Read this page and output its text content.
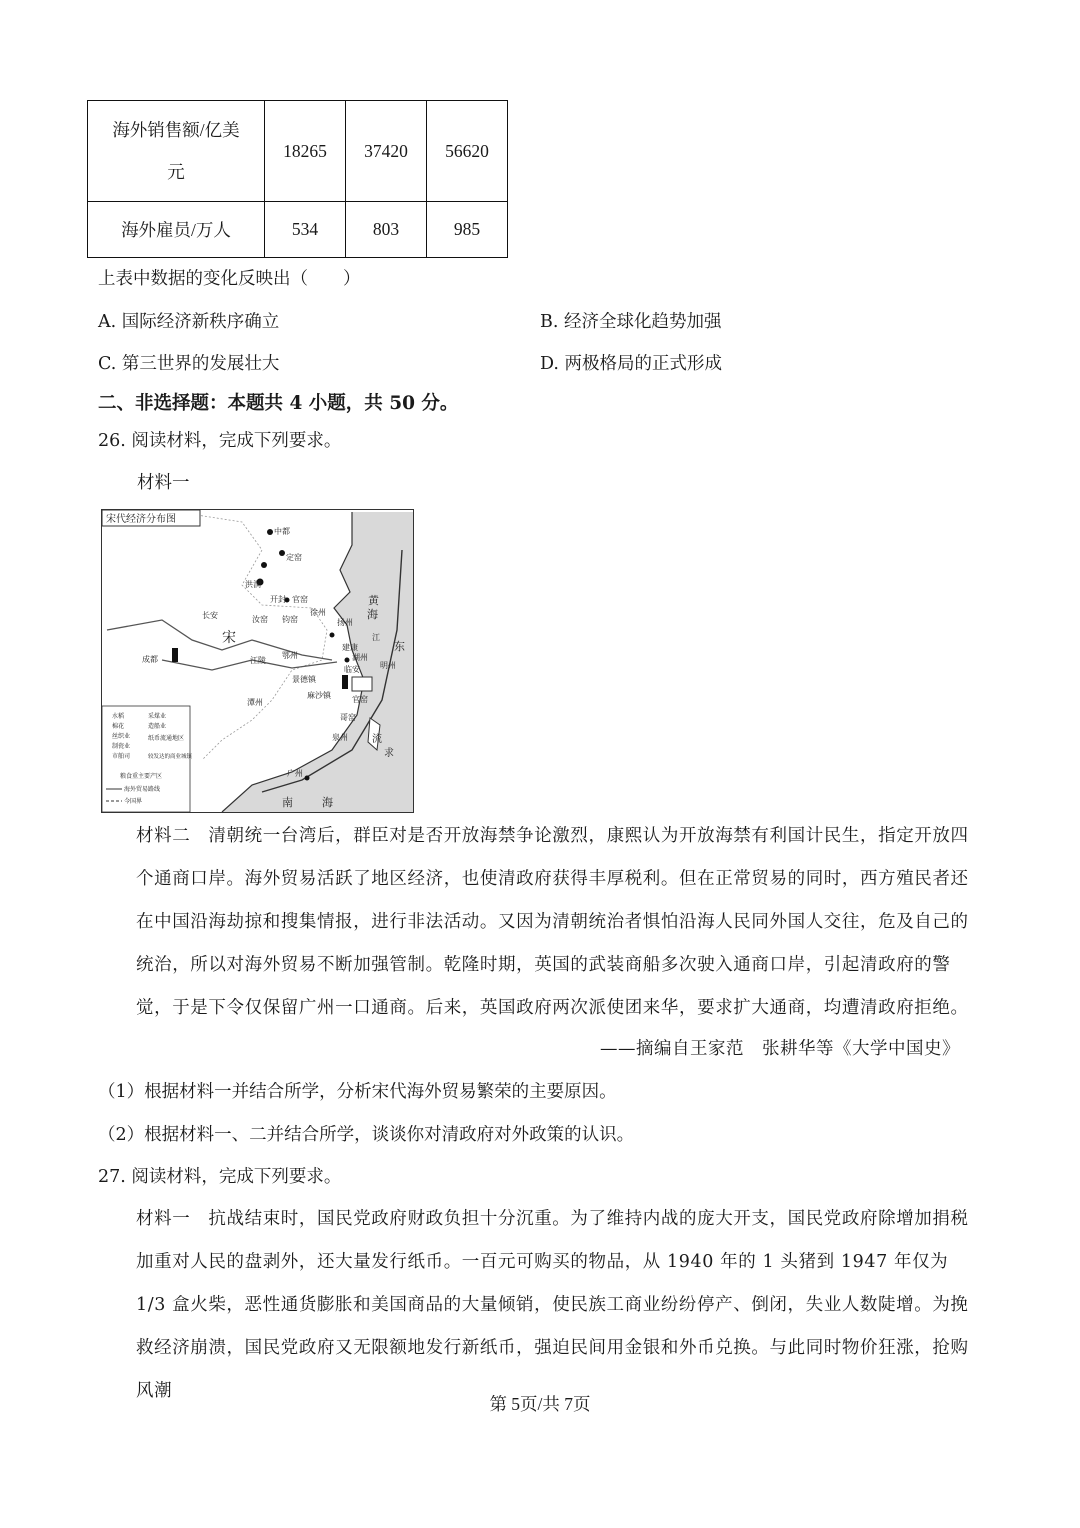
海外销售额/亿美元	18265	37420	56620
海外雇员/万人	534	803	985
上表中数据的变化反映出（　　）
A. 国际经济新秩序确立	B. 经济全球化趋势加强
C. 第三世界的发展壮大	D. 两极格局的正式形成
二、非选择题：本题共 4 小题，共 50 分。
26. 阅读材料，完成下列要求。
材料一
宋代经济分布图
中都
定窑
洪洞
开封 官窑
汝窑 钧窑
徐州
长安
宋
黄
海
东
扬州
建康
江
湖州
临安	明州
成都	江陵
鄂州
景德镇
官窑
麻沙镇
哥窑
潭州
泉州
广州
流
求
南	海
水稻
棉花
丝织业
制瓷业
市舶司
采煤业
造船业
纸币流通地区
较发达的商业城镇
粮食重主要产区
海外贸易路线
今国界
材料二　清朝统一台湾后，群臣对是否开放海禁争论激烈，康熙认为开放海禁有利国计民生，指定开放四个通商口岸。海外贸易活跃了地区经济，也使清政府获得丰厚税利。但在正常贸易的同时，西方殖民者还在中国沿海劫掠和搜集情报，进行非法活动。又因为清朝统治者惧怕沿海人民同外国人交往，危及自己的统治，所以对海外贸易不断加强管制。乾隆时期，英国的武装商船多次驶入通商口岸，引起清政府的警觉，于是下令仅保留广州一口通商。后来，英国政府两次派使团来华，要求扩大通商，均遭清政府拒绝。
——摘编自王家范　张耕华等《大学中国史》
（1）根据材料一并结合所学，分析宋代海外贸易繁荣的主要原因。
（2）根据材料一、二并结合所学，谈谈你对清政府对外政策的认识。
27. 阅读材料，完成下列要求。
材料一　抗战结束时，国民党政府财政负担十分沉重。为了维持内战的庞大开支，国民党政府除增加捐税加重对人民的盘剥外，还大量发行纸币。一百元可购买的物品，从 1940 年的 1 头猪到 1947 年仅为 1/3 盒火柴，恶性通货膨胀和美国商品的大量倾销，使民族工商业纷纷停产、倒闭，失业人数陡增。为挽救经济崩溃，国民党政府又无限额地发行新纸币，强迫民间用金银和外币兑换。与此同时物价狂涨，抢购风潮
第 5页/共 7页
